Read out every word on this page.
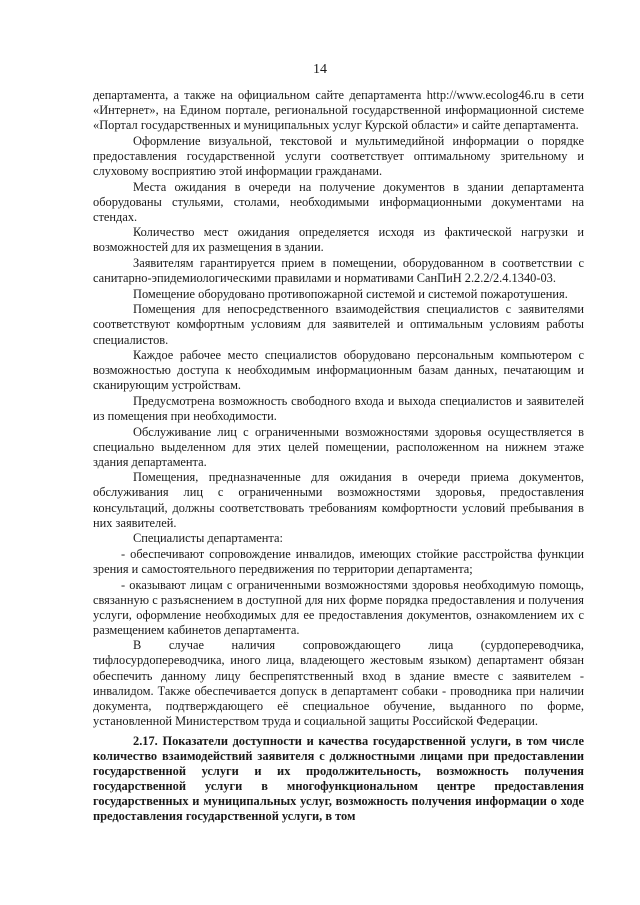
14

департамента, а также на официальном сайте департамента http://www.ecolog46.ru в сети «Интернет», на Едином портале, региональной государственной информационной системе «Портал государственных и муниципальных услуг Курской области» и сайте департамента.

Оформление визуальной, текстовой и мультимедийной информации о порядке предоставления государственной услуги соответствует оптимальному зрительному и слуховому восприятию этой информации гражданами.

Места ожидания в очереди на получение документов в здании департамента оборудованы стульями, столами, необходимыми информационными документами на стендах.

Количество мест ожидания определяется исходя из фактической нагрузки и возможностей для их размещения в здании.

Заявителям гарантируется прием в помещении, оборудованном в соответствии с санитарно-эпидемиологическими правилами и нормативами СанПиН 2.2.2/2.4.1340-03.

Помещение оборудовано противопожарной системой и системой пожаротушения.

Помещения для непосредственного взаимодействия специалистов с заявителями соответствуют комфортным условиям для заявителей и оптимальным условиям работы специалистов.

Каждое рабочее место специалистов оборудовано персональным компьютером с возможностью доступа к необходимым информационным базам данных, печатающим и сканирующим устройствам.

Предусмотрена возможность свободного входа и выхода специалистов и заявителей из помещения при необходимости.

Обслуживание лиц с ограниченными возможностями здоровья осуществляется в специально выделенном для этих целей помещении, расположенном на нижнем этаже здания департамента.

Помещения, предназначенные для ожидания в очереди приема документов, обслуживания лиц с ограниченными возможностями здоровья, предоставления консультаций, должны соответствовать требованиям комфортности условий пребывания в них заявителей.

Специалисты департамента:

- обеспечивают сопровождение инвалидов, имеющих стойкие расстройства функции зрения и самостоятельного передвижения по территории департамента;

- оказывают лицам с ограниченными возможностями здоровья необходимую помощь, связанную с разъяснением в доступной для них форме порядка предоставления и получения услуги, оформление необходимых для ее предоставления документов, ознакомлением их с размещением кабинетов департамента.

В случае наличия сопровождающего лица (сурдопереводчика, тифлосурдопереводчика, иного лица, владеющего жестовым языком) департамент обязан обеспечить данному лицу беспрепятственный вход в здание вместе с заявителем - инвалидом. Также обеспечивается допуск в департамент собаки - проводника при наличии документа, подтверждающего её специальное обучение, выданного по форме, установленной Министерством труда и социальной защиты Российской Федерации.

2.17. Показатели доступности и качества государственной услуги, в том числе количество взаимодействий заявителя с должностными лицами при предоставлении государственной услуги и их продолжительность, возможность получения государственной услуги в многофункциональном центре предоставления государственных и муниципальных услуг, возможность получения информации о ходе предоставления государственной услуги, в том
